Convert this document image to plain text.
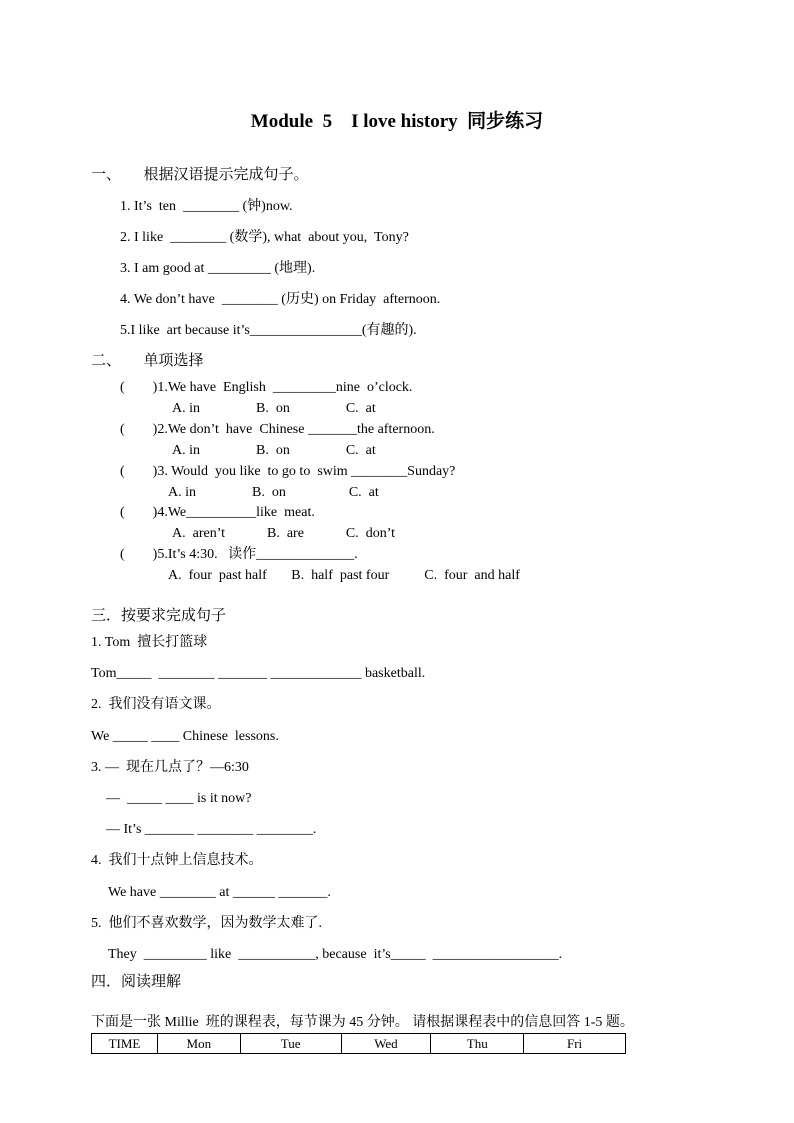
Module  5    I love history  同步练习
一、      根据汉语提示完成句子。
1. It’s  ten  ________ (钟)now.
2. I like  ________ (数学), what  about you,  Tony?
3. I am good at _________ (地理).
4. We don’t have  ________ (历史) on Friday  afternoon.
5.I like  art because it’s________________(有趣的).
二、      单项选择
(        )1.We have  English  _________nine  o’clock.
A. in                B.  on                C.  at
(        )2.We don’t  have  Chinese _______the afternoon.
A. in                B.  on                C.  at
(        )3. Would  you like  to go to  swim ________Sunday?
A. in                B.  on                  C.  at
(        )4.We__________like  meat.
A.  aren’t            B.  are            C.  don’t
(        )5.It’s 4:30.   读作______________.
A.  four  past half       B.  half  past four          C.  four  and half
三．按要求完成句子
1. Tom  擅长打篮球
Tom_____  ________ _______ _____________ basketball.
2.  我们没有语文课。
We _____ ____ Chinese  lessons.
3. —  现在几点了？—6:30
—  _____ ____ is it now?
— It’s _______ ________ ________.
4.  我们十点钟上信息技术。
We have ________ at ______ _______.
5.  他们不喜欢数学，因为数学太难了.
They  _________ like  ___________, because  it’s_____  __________________.
四．阅读理解
下面是一张 Millie  班的课程表，每节课为 45 分钟。 请根据课程表中的信息回答 1-5 题。
TIME	Mon	Tue	Wed	Thu	Fri
